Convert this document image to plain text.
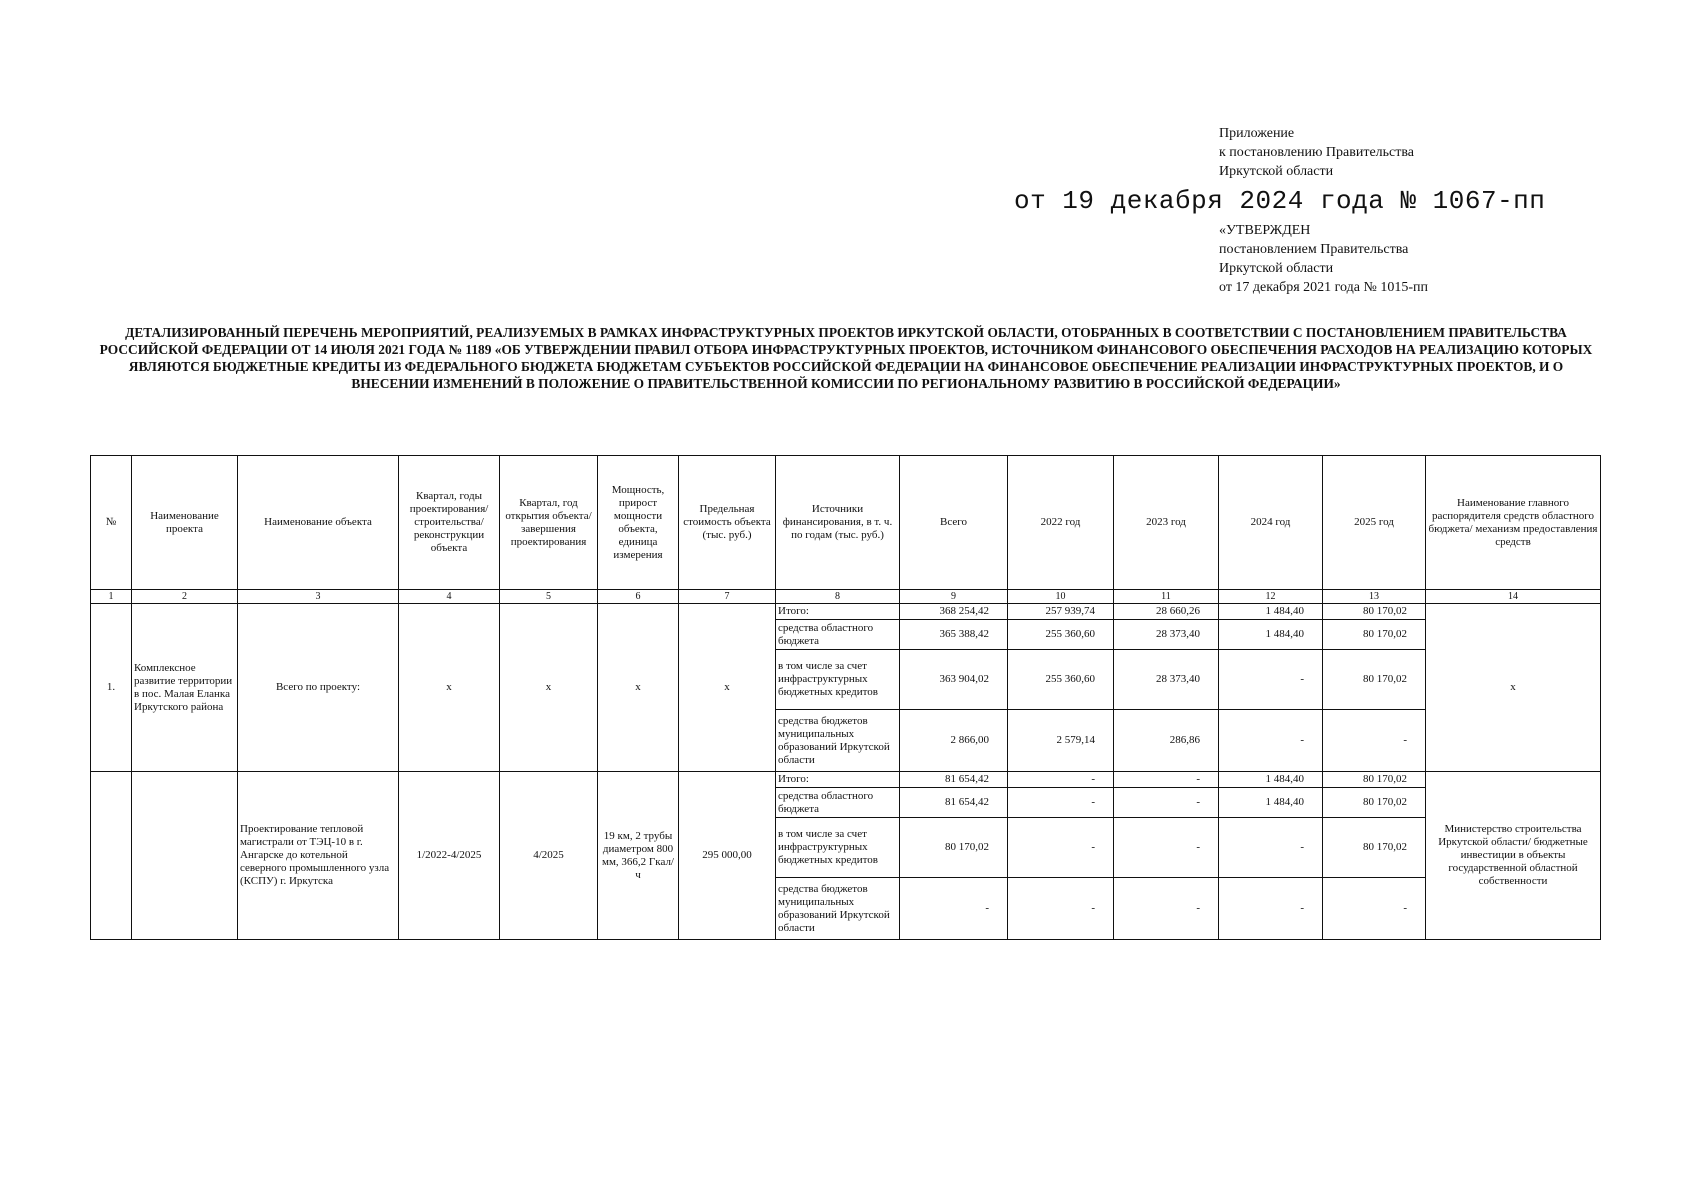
Приложение
к постановлению Правительства
Иркутской области
от 19 декабря 2024 года № 1067-пп
«УТВЕРЖДЕН
постановлением Правительства
Иркутской области
от 17 декабря 2021 года № 1015-пп
ДЕТАЛИЗИРОВАННЫЙ ПЕРЕЧЕНЬ МЕРОПРИЯТИЙ, РЕАЛИЗУЕМЫХ В РАМКАХ ИНФРАСТРУКТУРНЫХ ПРОЕКТОВ ИРКУТСКОЙ ОБЛАСТИ, ОТОБРАННЫХ В СООТВЕТСТВИИ С ПОСТАНОВЛЕНИЕМ ПРАВИТЕЛЬСТВА РОССИЙСКОЙ ФЕДЕРАЦИИ ОТ 14 ИЮЛЯ 2021 ГОДА № 1189 «ОБ УТВЕРЖДЕНИИ ПРАВИЛ ОТБОРА ИНФРАСТРУКТУРНЫХ ПРОЕКТОВ, ИСТОЧНИКОМ ФИНАНСОВОГО ОБЕСПЕЧЕНИЯ РАСХОДОВ НА РЕАЛИЗАЦИЮ КОТОРЫХ ЯВЛЯЮТСЯ БЮДЖЕТНЫЕ КРЕДИТЫ ИЗ ФЕДЕРАЛЬНОГО БЮДЖЕТА БЮДЖЕТАМ СУБЪЕКТОВ РОССИЙСКОЙ ФЕДЕРАЦИИ НА ФИНАНСОВОЕ ОБЕСПЕЧЕНИЕ РЕАЛИЗАЦИИ ИНФРАСТРУКТУРНЫХ ПРОЕКТОВ, И О ВНЕСЕНИИ ИЗМЕНЕНИЙ В ПОЛОЖЕНИЕ О ПРАВИТЕЛЬСТВЕННОЙ КОМИССИИ ПО РЕГИОНАЛЬНОМУ РАЗВИТИЮ В РОССИЙСКОЙ ФЕДЕРАЦИИ»
№	Наименование проекта	Наименование объекта	Квартал, годы проектирования/строительства/ реконструкции объекта	Квартал, год открытия объекта/ завершения проектирования	Мощность, прирост мощности объекта, единица измерения	Предельная стоимость объекта (тыс. руб.)	Источники финансирования, в т. ч. по годам (тыс. руб.)	Всего	2022 год	2023 год	2024 год	2025 год	Наименование главного распорядителя средств областного бюджета/ механизм предоставления средств
1	2	3	4	5	6	7	8	9	10	11	12	13	14
1.	Комплексное развитие территории в пос. Малая Еланка Иркутского района	Всего по проекту:	x	x	x	x	Итого:	368 254,42	257 939,74	28 660,26	1 484,40	80 170,02	x
							средства областного бюджета	365 388,42	255 360,60	28 373,40	1 484,40	80 170,02	
							в том числе за счет инфраструктурных бюджетных кредитов	363 904,02	255 360,60	28 373,40	-	80 170,02	
							средства бюджетов муниципальных образований Иркутской области	2 866,00	2 579,14	286,86	-	-	
		Проектирование тепловой магистрали от ТЭЦ-10 в г. Ангарске до котельной северного промышленного узла (КСПУ) г. Иркутска	1/2022-4/2025	4/2025	19 км, 2 трубы диаметром 800 мм, 366,2 Гкал/ч	295 000,00	Итого:	81 654,42	-	-	1 484,40	80 170,02	Министерство строительства Иркутской области/ бюджетные инвестиции в объекты государственной областной собственности
							средства областного бюджета	81 654,42	-	-	1 484,40	80 170,02	
							в том числе за счет инфраструктурных бюджетных кредитов	80 170,02	-	-	-	80 170,02	
							средства бюджетов муниципальных образований Иркутской области	-	-	-	-	-	
